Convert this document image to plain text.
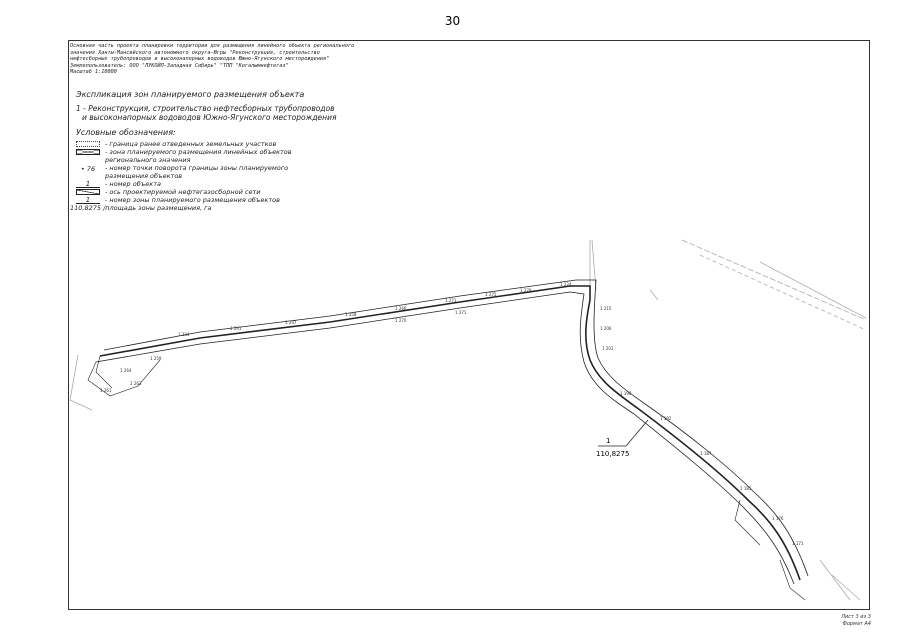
30
Основная часть проекта планировки территории для размещения линейного объекта регионального
значения Ханты-Мансийского автономного округа-Югры "Реконструкция, строительство
нефтесборных трубопроводов и высоконапорных водоводов Южно-Ягунского месторождения"
Землепользователь: ООО "ЛУКОЙЛ-Западная Сибирь" "ТПП "Когалымнефтегаз"
Масштаб 1:10000
Экспликация зон планируемого размещения объекта
1 - Реконструкция, строительство нефтесборных трубопроводов
и высоконапорных водоводов Южно-Ягунского месторождения
Условные обозначения:
- граница ранее отведенных земельных участков
- зона планируемого размещения линейных объектов
регионального значения
• 76	- номер точки поворота границы зоны планируемого
размещения объектов
1	- номер объекта
- ось проектируемой нефтегазосборной сети
1	- номер зоны планируемого размещения объектов
110,8275 /площадь зоны размещения, га
1 234
1 241
1 247
1 258
1 266
1 271
1 275
1 279
1 224
1 215
1 206
1 201
1 198
1 192
1 187
1 181
1 176
1 171
1 264
1 263
1 261
1 259
1 270
1 271
1
110,8275
Лист 3 из 3
Формат А4
